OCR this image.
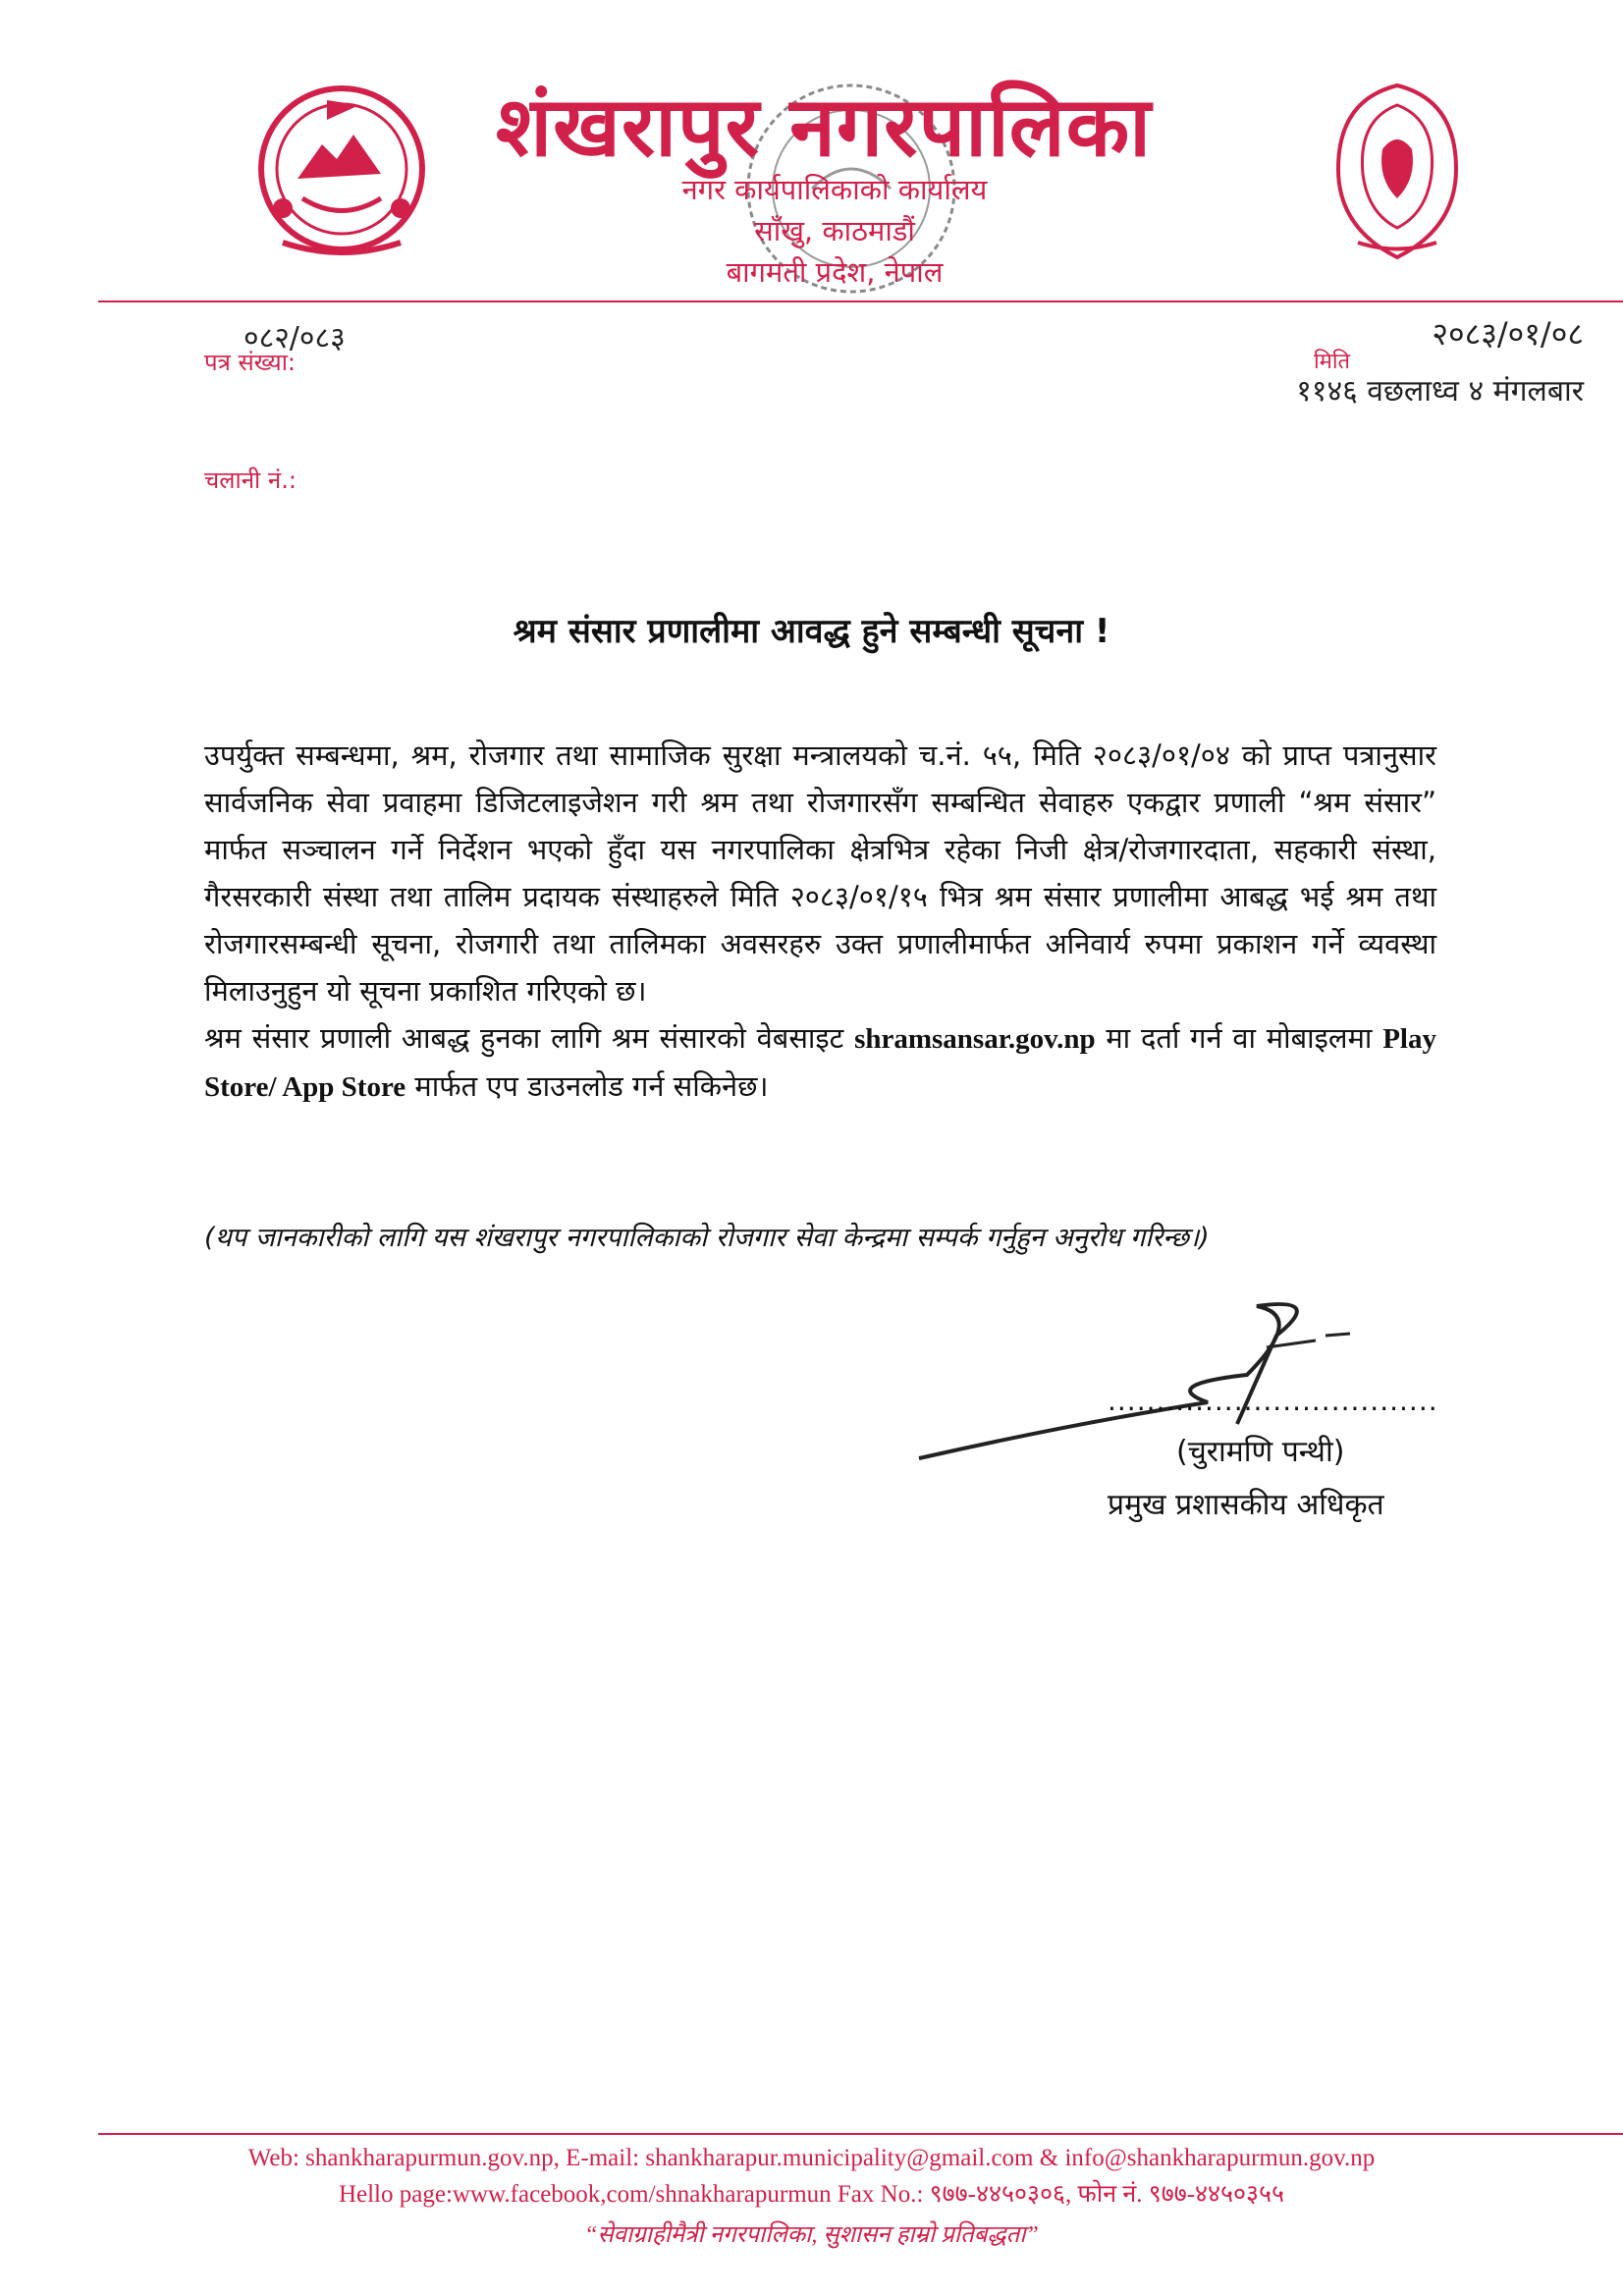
शंखरापुर नगरपालिका
नगर कार्यपालिकाको कार्यालय
साँखु, काठमाडौं
बागमती प्रदेश, नेपाल
०८२/०८३
पत्र संख्या:
चलानी नं.:
२०८३/०१/०८
मिति
११४६ वछलाध्व ४ मंगलबार
श्रम संसार प्रणालीमा आवद्ध हुने सम्बन्धी सूचना !

उपर्युक्त सम्बन्धमा, श्रम, रोजगार तथा सामाजिक सुरक्षा मन्त्रालयको च.नं. ५५, मिति २०८३/०१/०४ को प्राप्त पत्रानुसार सार्वजनिक सेवा प्रवाहमा डिजिटलाइजेशन गरी श्रम तथा रोजगारसँग सम्बन्धित सेवाहरु एकद्वार प्रणाली “श्रम संसार” मार्फत सञ्चालन गर्ने निर्देशन भएको हुँदा यस नगरपालिका क्षेत्रभित्र रहेका निजी क्षेत्र/रोजगारदाता, सहकारी संस्था, गैरसरकारी संस्था तथा तालिम प्रदायक संस्थाहरुले मिति २०८३/०१/१५ भित्र श्रम संसार प्रणालीमा आबद्ध भई श्रम तथा रोजगारसम्बन्धी सूचना, रोजगारी तथा तालिमका अवसरहरु उक्त प्रणालीमार्फत अनिवार्य रुपमा प्रकाशन गर्ने व्यवस्था मिलाउनुहुन यो सूचना प्रकाशित गरिएको छ।

श्रम संसार प्रणाली आबद्ध हुनका लागि श्रम संसारको वेबसाइट shramsansar.gov.np मा दर्ता गर्न वा मोबाइलमा Play Store/ App Store मार्फत एप डाउनलोड गर्न सकिनेछ।

(थप जानकारीको लागि यस शंखरापुर नगरपालिकाको रोजगार सेवा केन्द्रमा सम्पर्क गर्नुहुन अनुरोध गरिन्छ।)
..................................
(चुरामणि पन्थी)
प्रमुख प्रशासकीय अधिकृत
Web: shankharapurmun.gov.np, E-mail: shankharapur.municipality@gmail.com & info@shankharapurmun.gov.np
Hello page:www.facebook,com/shnakharapurmun Fax No.: ९७७-४४५०३०६, फोन नं. ९७७-४४५०३५५
“सेवाग्राहीमैत्री नगरपालिका, सुशासन हाम्रो प्रतिबद्धता”
